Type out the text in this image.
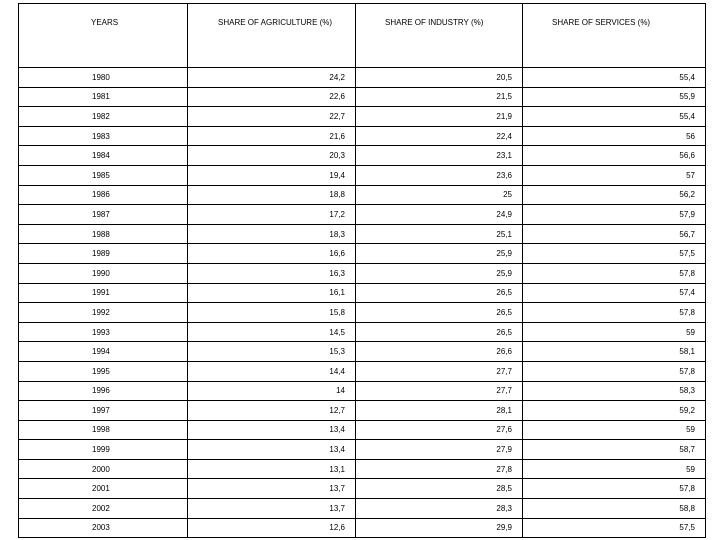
YEARS	SHARE OF AGRICULTURE (%)	SHARE OF INDUSTRY (%)	SHARE OF SERVICES (%)
1980	24,2	20,5	55,4
1981	22,6	21,5	55,9
1982	22,7	21,9	55,4
1983	21,6	22,4	56
1984	20,3	23,1	56,6
1985	19,4	23,6	57
1986	18,8	25	56,2
1987	17,2	24,9	57,9
1988	18,3	25,1	56,7
1989	16,6	25,9	57,5
1990	16,3	25,9	57,8
1991	16,1	26,5	57,4
1992	15,8	26,5	57,8
1993	14,5	26,5	59
1994	15,3	26,6	58,1
1995	14,4	27,7	57,8
1996	14	27,7	58,3
1997	12,7	28,1	59,2
1998	13,4	27,6	59
1999	13,4	27,9	58,7
2000	13,1	27,8	59
2001	13,7	28,5	57,8
2002	13,7	28,3	58,8
2003	12,6	29,9	57,5
